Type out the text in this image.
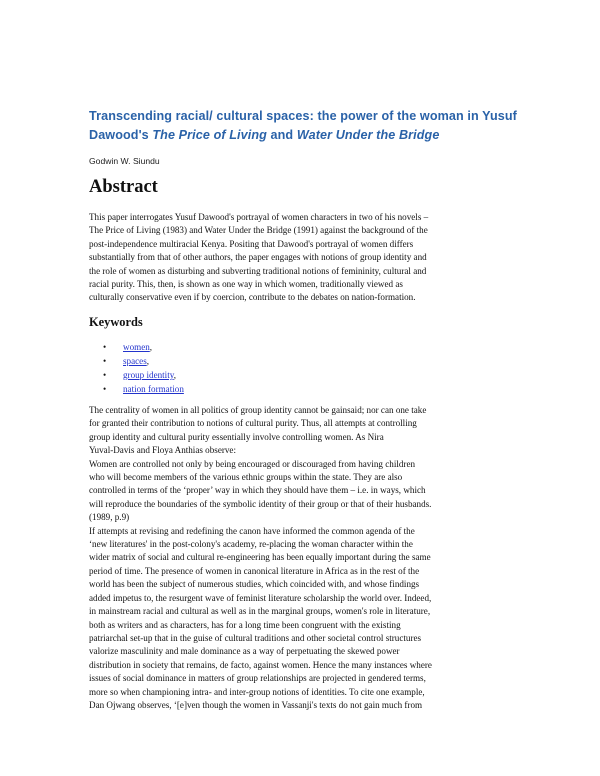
Transcending racial/ cultural spaces: the power of the woman in Yusuf
Dawood's The Price of Living and Water Under the Bridge
Godwin W. Siundu
Abstract
This paper interrogates Yusuf Dawood's portrayal of women characters in two of his novels –
The Price of Living (1983) and Water Under the Bridge (1991) against the background of the
post-independence multiracial Kenya. Positing that Dawood's portrayal of women differs
substantially from that of other authors, the paper engages with notions of group identity and
the role of women as disturbing and subverting traditional notions of femininity, cultural and
racial purity. This, then, is shown as one way in which women, traditionally viewed as
culturally conservative even if by coercion, contribute to the debates on nation-formation.
Keywords
• women,
• spaces,
• group identity,
• nation formation
The centrality of women in all politics of group identity cannot be gainsaid; nor can one take
for granted their contribution to notions of cultural purity. Thus, all attempts at controlling
group identity and cultural purity essentially involve controlling women. As Nira
Yuval-Davis and Floya Anthias observe:
Women are controlled not only by being encouraged or discouraged from having children
who will become members of the various ethnic groups within the state. They are also
controlled in terms of the ‘proper’ way in which they should have them – i.e. in ways, which
will reproduce the boundaries of the symbolic identity of their group or that of their husbands.
(1989, p.9)
If attempts at revising and redefining the canon have informed the common agenda of the
‘new literatures' in the post-colony's academy, re-placing the woman character within the
wider matrix of social and cultural re-engineering has been equally important during the same
period of time. The presence of women in canonical literature in Africa as in the rest of the
world has been the subject of numerous studies, which coincided with, and whose findings
added impetus to, the resurgent wave of feminist literature scholarship the world over. Indeed,
in mainstream racial and cultural as well as in the marginal groups, women's role in literature,
both as writers and as characters, has for a long time been congruent with the existing
patriarchal set-up that in the guise of cultural traditions and other societal control structures
valorize masculinity and male dominance as a way of perpetuating the skewed power
distribution in society that remains, de facto, against women. Hence the many instances where
issues of social dominance in matters of group relationships are projected in gendered terms,
more so when championing intra- and inter-group notions of identities. To cite one example,
Dan Ojwang observes, ‘[e]ven though the women in Vassanji's texts do not gain much from
